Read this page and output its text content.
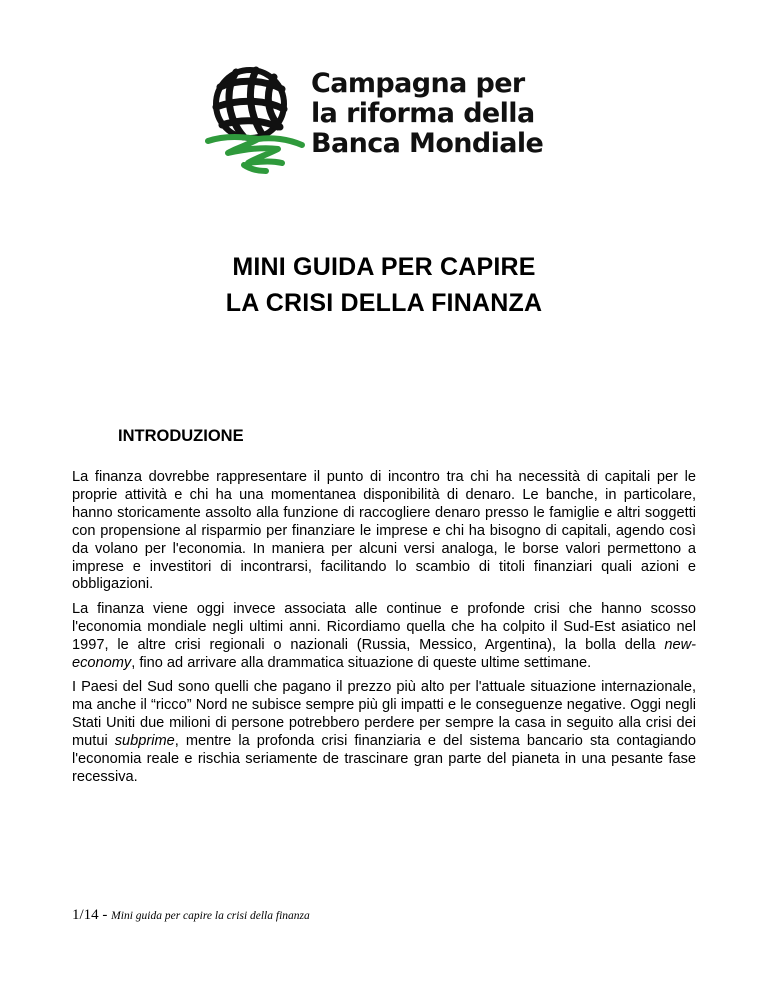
Campagna per
la riforma della
Banca Mondiale
MINI GUIDA PER CAPIRE
LA CRISI DELLA FINANZA
INTRODUZIONE

La finanza dovrebbe rappresentare il punto di incontro tra chi ha necessità di capitali per le proprie attività e chi ha una momentanea disponibilità di denaro. Le banche, in particolare, hanno storicamente assolto alla funzione di raccogliere denaro presso le famiglie e altri soggetti con propensione al risparmio per finanziare le imprese e chi ha bisogno di capitali, agendo così da volano per l'economia. In maniera per alcuni versi analoga, le borse valori permettono a imprese e investitori di incontrarsi, facilitando lo scambio di titoli finanziari quali azioni e obbligazioni.

La finanza viene oggi invece associata alle continue e profonde crisi che hanno scosso l'economia mondiale negli ultimi anni. Ricordiamo quella che ha colpito il Sud-Est asiatico nel 1997, le altre crisi regionali o nazionali (Russia, Messico, Argentina), la bolla della new-economy, fino ad arrivare alla drammatica situazione di queste ultime settimane.

I Paesi del Sud sono quelli che pagano il prezzo più alto per l'attuale situazione internazionale, ma anche il “ricco” Nord ne subisce sempre più gli impatti e le conseguenze negative. Oggi negli Stati Uniti due milioni di persone potrebbero perdere per sempre la casa in seguito alla crisi dei mutui subprime, mentre la profonda crisi finanziaria e del sistema bancario sta contagiando l'economia reale e rischia seriamente de trascinare gran parte del pianeta in una pesante fase recessiva.

1/14 - Mini guida per capire la crisi della finanza
